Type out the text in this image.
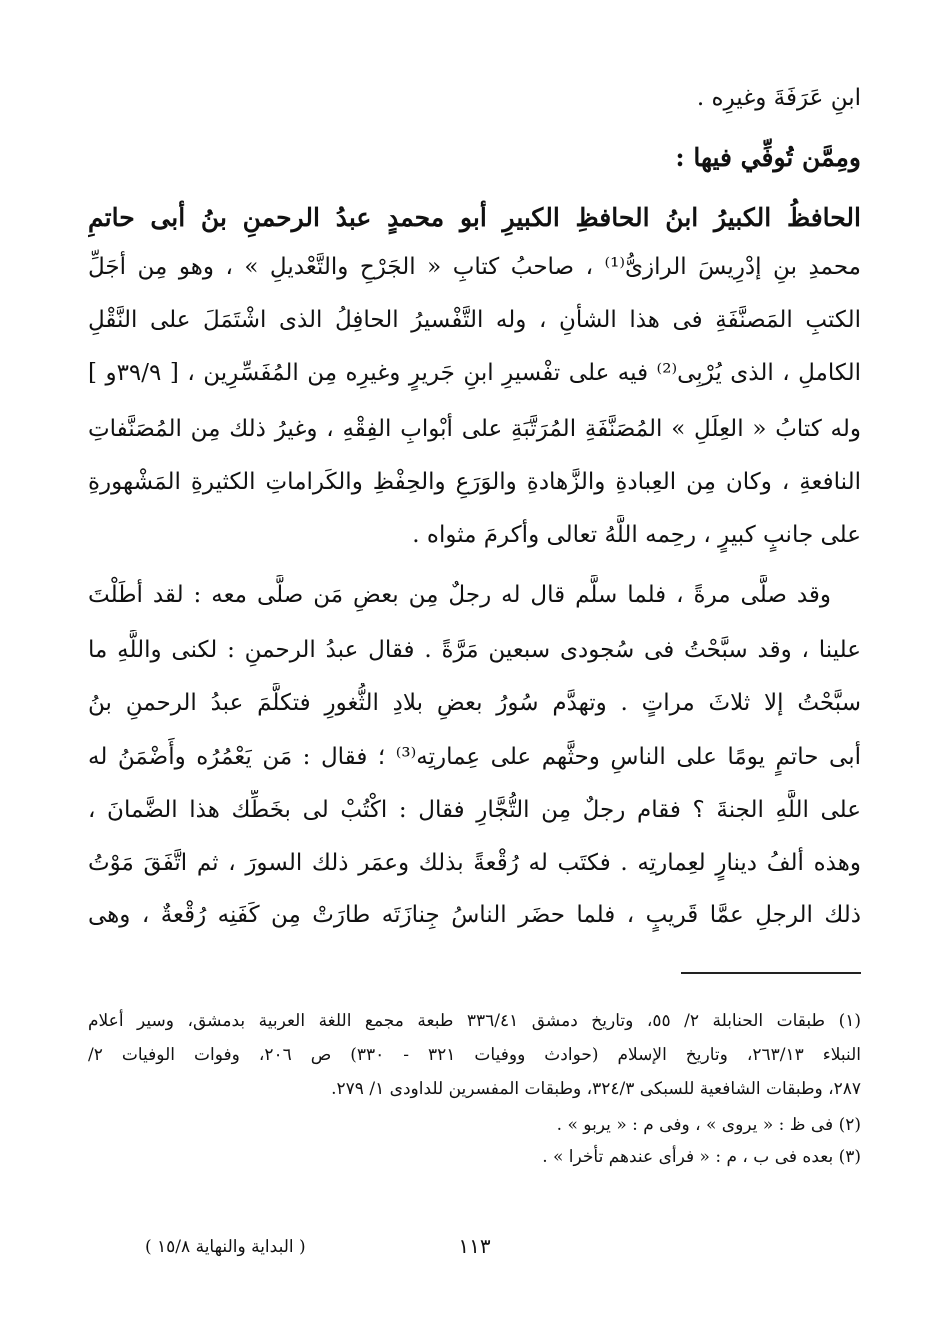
ابنِ عَرَفَةَ وغيرِه .
ومِمَّن تُوفِّي فيها :
الحافظُ الكبيرُ ابنُ الحافظِ الكبيرِ أبو محمدٍ عبدُ الرحمنِ بنُ أبى حاتمِ
محمدِ بنِ إدْرِيسَ الرازىُّ⁽¹⁾ ، صاحبُ كتابِ « الجَرْحِ والتَّعْديلِ » ، وهو مِن أجَلِّ
الكتبِ المَصنَّفَةِ فى هذا الشأنِ ، وله التَّفْسيرُ الحافِلُ الذى اشْتَمَلَ على النَّقْلِ
الكاملِ ، الذى يُرْبِى⁽²⁾ فيه على تفْسيرِ ابنِ جَريرٍ وغيرِه مِن المُفَسِّرِين ، [ ٣٩/٩و ]
وله كتابُ « العِلَلِ » المُصَنَّفَةِ المُرَتَّبَةِ على أبْوابِ الفِقْهِ ، وغيرُ ذلك مِن المُصَنَّفاتِ
النافعةِ ، وكان مِن العِبادةِ والزَّهادةِ والوَرَعِ والحِفْظِ والكَراماتِ الكثيرةِ المَشْهورةِ
على جانبٍ كبيرٍ ، رحِمه اللَّهُ تعالى وأكرمَ مثواه .
وقد صلَّى مرةً ، فلما سلَّم قال له رجلٌ مِن بعضِ مَن صلَّى معه : لقد أطَلْتَ
علينا ، وقد سبَّحْتُ فى سُجودى سبعين مَرَّةً . فقال عبدُ الرحمنِ : لكنى واللَّهِ ما
سبَّحْتُ إلا ثلاثَ مراتٍ . وتهدَّم سُورُ بعضِ بلادِ الثُّغورِ فتكلَّمَ عبدُ الرحمنِ بنُ
أبى حاتمٍ يومًا على الناسِ وحثَّهم على عِمارتِه⁽³⁾ ؛ فقال : مَن يَعْمُرُه وأَضْمَنُ له
على اللَّهِ الجنةَ ؟ فقام رجلٌ مِن التُّجَّارِ فقال : اكْتُبْ لى بخَطِّك هذا الضَّمانَ ،
وهذه ألفُ دينارٍ لعِمارتِه . فكتَب له رُقْعةً بذلك وعمَر ذلك السورَ ، ثم اتَّفَقَ مَوْتُ
ذلك الرجلِ عمَّا قَريبٍ ، فلما حضَر الناسُ جِنازَتَه طارَتْ مِن كَفَنِه رُقْعةٌ ، وهى
(١) طبقات الحنابلة ٢/ ٥٥، وتاريخ دمشق ٣٣٦/٤١ طبعة مجمع اللغة العربية بدمشق، وسير أعلام
النبلاء ٢٦٣/١٣، وتاريخ الإسلام (حوادث ووفيات ٣٢١ - ٣٣٠) ص ٢٠٦، وفوات الوفيات ٢/
٢٨٧، وطبقات الشافعية للسبكى ٣٢٤/٣، وطبقات المفسرين للداودى ١/ ٢٧٩.
(٢) فى ظ : « يروى » ، وفى م : « يربو » .
(٣) بعده فى ب ، م : « فرأى عندهم تأخرا » .
١١٣
( البداية والنهاية ١٥/٨ )
